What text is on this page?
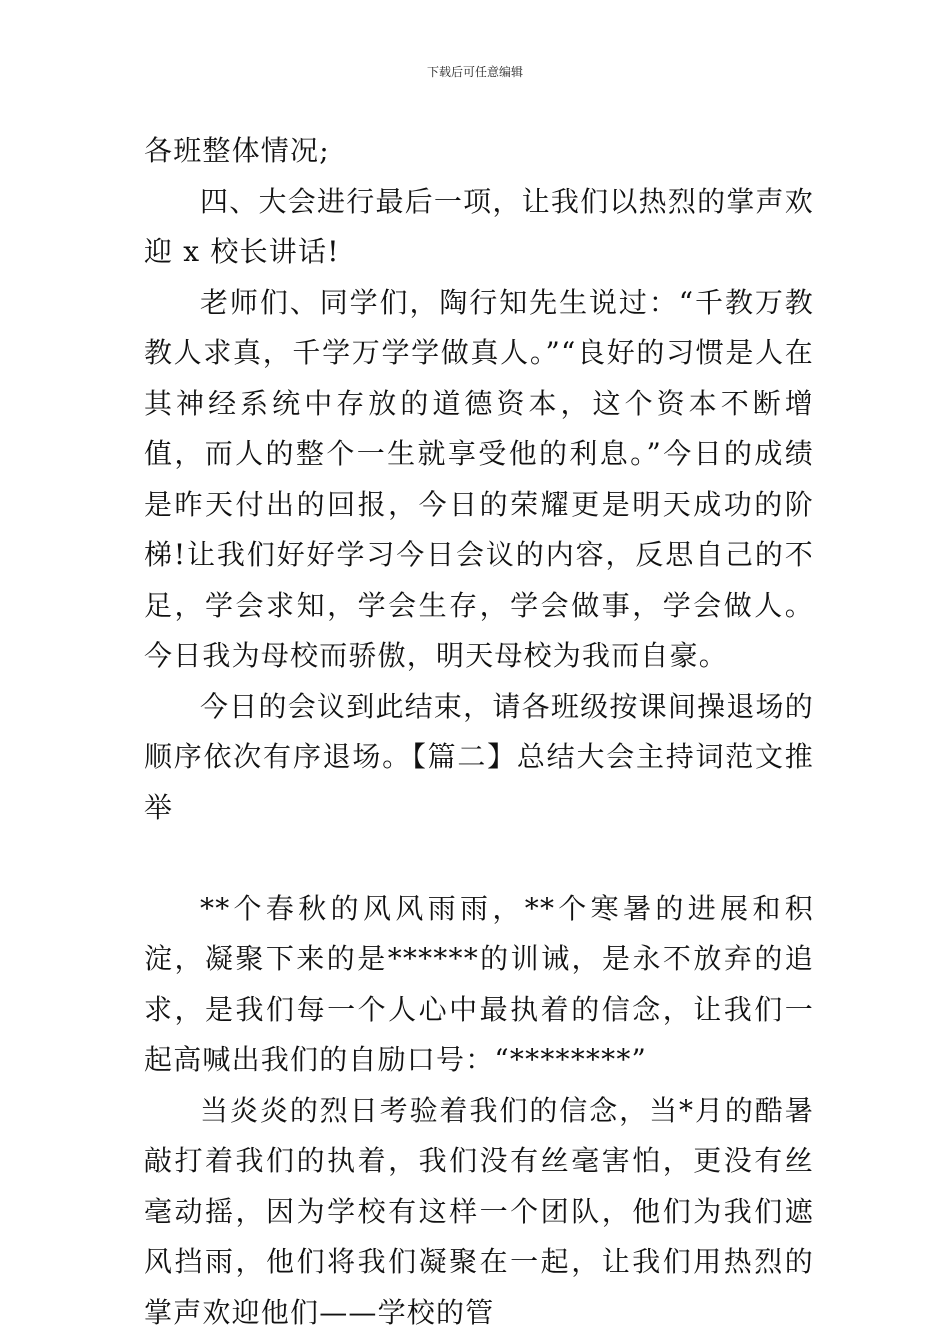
下载后可任意编辑

各班整体情况;

四、大会进行最后一项，让我们以热烈的掌声欢迎 x 校长讲话!

老师们、同学们，陶行知先生说过：“千教万教教人求真，千学万学学做真人。”“良好的习惯是人在其神经系统中存放的道德资本，这个资本不断增值，而人的整个一生就享受他的利息。”今日的成绩是昨天付出的回报，今日的荣耀更是明天成功的阶梯!让我们好好学习今日会议的内容，反思自己的不足，学会求知，学会生存，学会做事，学会做人。今日我为母校而骄傲，明天母校为我而自豪。

今日的会议到此结束，请各班级按课间操退场的顺序依次有序退场。【篇二】总结大会主持词范文推举

**个春秋的风风雨雨，**个寒暑的进展和积淀，凝聚下来的是******的训诫，是永不放弃的追求，是我们每一个人心中最执着的信念，让我们一起高喊出我们的自励口号：“********”

当炎炎的烈日考验着我们的信念，当*月的酷暑敲打着我们的执着，我们没有丝毫害怕，更没有丝毫动摇，因为学校有这样一个团队，他们为我们遮风挡雨，他们将我们凝聚在一起，让我们用热烈的掌声欢迎他们——学校的管
